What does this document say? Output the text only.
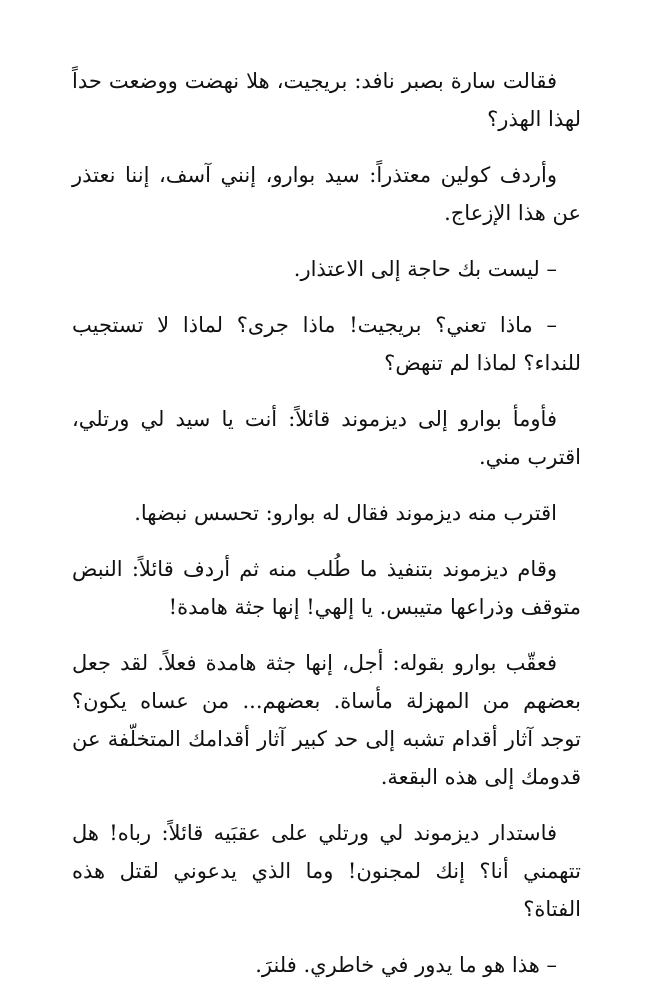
فقالت سارة بصبر نافد: بريجيت، هلا نهضت ووضعت حداً لهذا الهذر؟

وأردف كولين معتذراً: سيد بوارو، إنني آسف، إننا نعتذر عن هذا الإزعاج.

– ليست بك حاجة إلى الاعتذار.

– ماذا تعني؟ بريجيت! ماذا جرى؟ لماذا لا تستجيب للنداء؟ لماذا لم تنهض؟

فأومأ بوارو إلى ديزموند قائلاً: أنت يا سيد لي ورتلي، اقترب مني.

اقترب منه ديزموند فقال له بوارو: تحسس نبضها.

وقام ديزموند بتنفيذ ما طُلب منه ثم أردف قائلاً: النبض متوقف وذراعها متيبس. يا إلهي! إنها جثة هامدة!

فعقّب بوارو بقوله: أجل، إنها جثة هامدة فعلاً. لقد جعل بعضهم من المهزلة مأساة. بعضهم... من عساه يكون؟ توجد آثار أقدام تشبه إلى حد كبير آثار أقدامك المتخلّفة عن قدومك إلى هذه البقعة.

فاستدار ديزموند لي ورتلي على عقبَيه قائلاً: رباه! هل تتهمني أنا؟ إنك لمجنون! وما الذي يدعوني لقتل هذه الفتاة؟

– هذا هو ما يدور في خاطري. فلنرَ.
